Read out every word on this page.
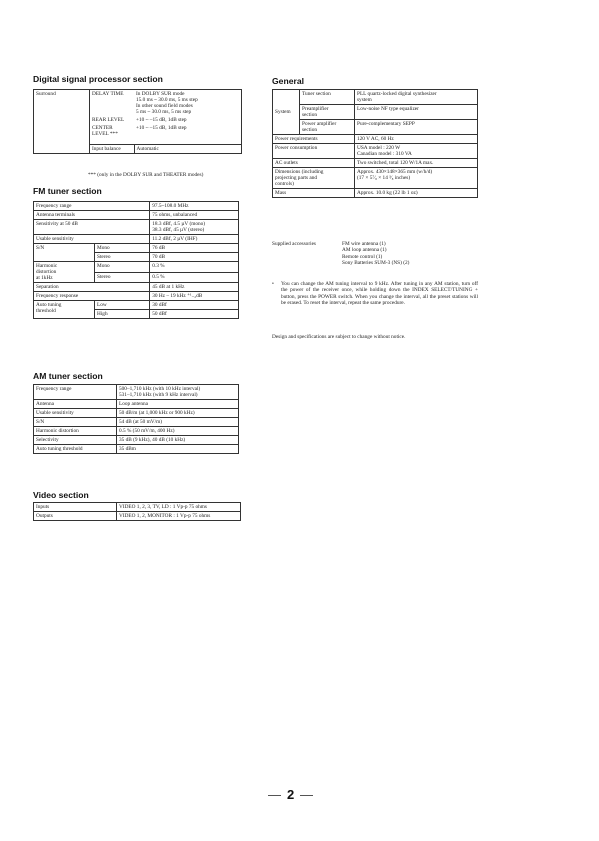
Digital signal processor section
Surround	DELAY TIME	In DOLBY SUR mode
15.0 ms ~ 30.0 ms, 5 ms step
In other sound field modes
5 ms ~ 30.0 ms, 5 ms step
	REAR LEVEL	+10 ~ –15 dB, 1dB step
	CENTER
LEVEL ***	+10 ~ –15 dB, 1dB step

	Input balance	Automatic
*** (only in the DOLBY SUR and THEATER modes)
FM tuner section
Frequency range		97.5~108.0 MHz
Antenna terminals		75 ohms, unbalanced
Sensitivity at 50 dB		18.3 dBf, 4.5 µV (mono)
38.3 dBf, 45 µV (stereo)
Usable sensitivity		11.2 dBf, 2 µV (IHF)
S/N	Mono	76 dB
	Stereo	70 dB
Harmonic
distortion
at 1kHz	Mono	0.3 %
	Stereo	0.5 %
Separation		45 dB at 1 kHz
Frequency response		30 Hz – 19 kHz ⁺¹₋₂dB
Auto tuning
threshold	Low	30 dBf
	High	50 dBf
AM tuner section
Frequency range	500–1,710 kHz (with 10 kHz interval)
531–1,710 kHz (with 9 kHz interval)
Antenna	Loop antenna
Usable sensitivity	50 dB/m (at 1,000 kHz or 900 kHz)
S/N	54 dB (at 50 mV/m)
Harmonic distortion	0.5 % (50 mV/m, 400 Hz)
Selectivity	35 dB (9 kHz), 40 dB (10 kHz)
Auto tuning threshold	35 dBm
Video section
Inputs	VIDEO 1, 2, 3, TV, LD : 1 Vp-p 75 ohms
Outputs	VIDEO 1, 2, MONITOR : 1 Vp-p 75 ohms
General
System	Tuner section	PLL quartz-locked digital synthesizer
system
	Preamplifier
section	Low-noise NF type equalizer
	Power amplifier
section	Pure-complementary SEPP
Power requirements		120 V AC, 60 Hz
Power consumption		USA model : 220 W
Canadian model : 310 VA
AC outlets		Two switched, total 120 W/1A max.
Dimensions (including
projecting parts and
controls)		Approx. 430×148×365 mm (w/h/d)
(17 × 5⁷⁄₈ × 14 ³⁄₈ inches)
Mass		Approx. 10.0 kg (22 lb 1 oz)
Supplied accessories	FM wire antenna (1)
AM loop antenna (1)
Remote control (1)
Sony Batteries SUM-3 (NS) (2)
•	You can change the AM tuning interval to 9 kHz. After tuning in any AM station, turn off the power of the receiver once, while holding down the INDEX SELECT/TUNING + button, press the POWER switch. When you change the interval, all the preset stations will be erased. To reset the interval, repeat the same procedure.
Design and specifications are subject to change without notice.
2
